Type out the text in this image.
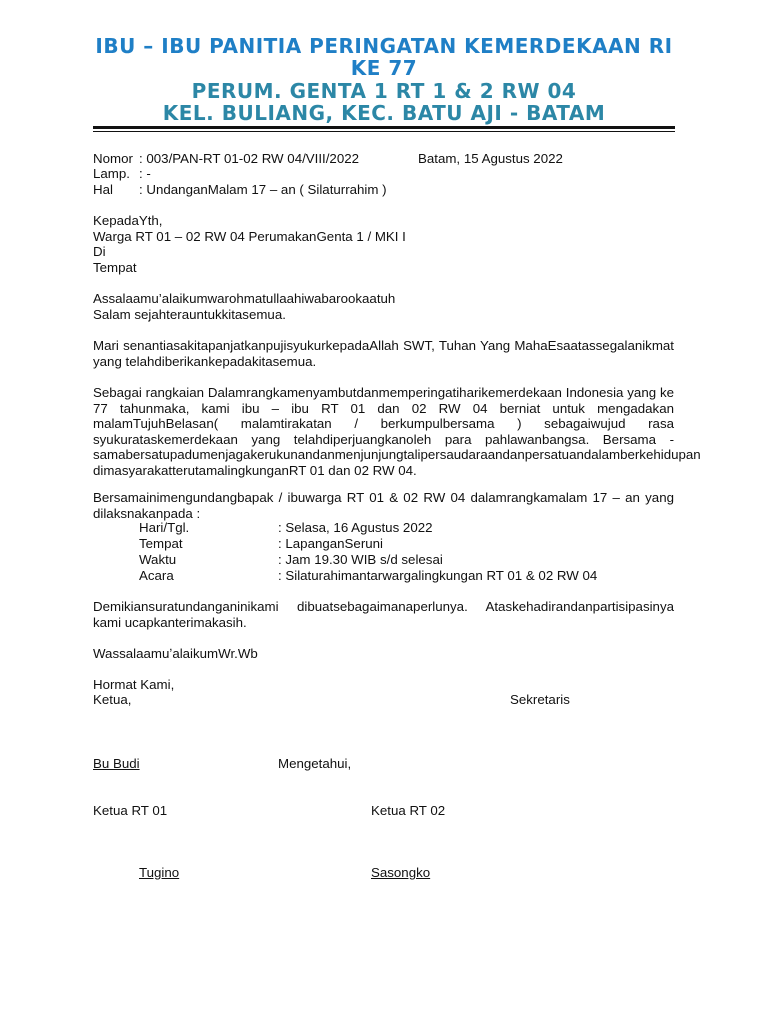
IBU – IBU PANITIA PERINGATAN KEMERDEKAAN RI KE 77
PERUM. GENTA 1 RT 1 & 2 RW 04
KEL. BULIANG, KEC. BATU AJI - BATAM
Nomor : 003/PAN-RT 01-02 RW 04/VIII/2022	Batam, 15 Agustus 2022
Lamp. : -
Hal : UndanganMalam 17 – an ( Silaturrahim )
KepadaYth,
Warga RT 01 – 02 RW 04 PerumakanGenta 1 / MKI I
Di
Tempat
Assalaamu’alaikumwarohmatullaahiwabarookaatuh
Salam sejahterauntukkitasemua.
Mari senantiasakitapanjatkanpujisyukurkepadaAllah SWT, Tuhan Yang MahaEsaatassegalanikmat yang telahdiberikankepadakitasemua.
Sebagai rangkaian Dalamrangkamenyambutdanmemperingatiharikemerdekaan Indonesia yang ke 77 tahunmaka, kami ibu – ibu RT 01 dan 02 RW 04 berniat untuk mengadakan malamTujuhBelasan( malamtirakatan / berkumpulbersama ) sebagaiwujud rasa syukurataskemerdekaan yang telahdiperjuangkanoleh para pahlawanbangsa. Bersama - samabersatupadumenjagakerukunandanmenjunjungtalipersaudaraandanpersatuandalamberkehidupan dimasyarakatterutamalingkunganRT 01 dan 02 RW 04.
Bersamainimengundangbapak / ibuwarga RT 01 & 02 RW 04 dalamrangkamalam 17 – an yang dilaksnakanpada :
Hari/Tgl.	: Selasa, 16 Agustus 2022
Tempat	: LapanganSeruni
Waktu	: Jam 19.30 WIB s/d selesai
Acara	: Silaturahimantarwargalingkungan RT 01 & 02 RW 04
Demikiansuratundanganinikami dibuatsebagaimanaperlunya. Ataskehadirandanpartisipasinya kami ucapkanterimakasih.
WassalaamuʼalaikumWr.Wb
Hormat Kami,
Ketua,	Sekretaris
Bu Budi	Mengetahui,
Ketua RT 01	Ketua RT 02
Tugino	Sasongko
